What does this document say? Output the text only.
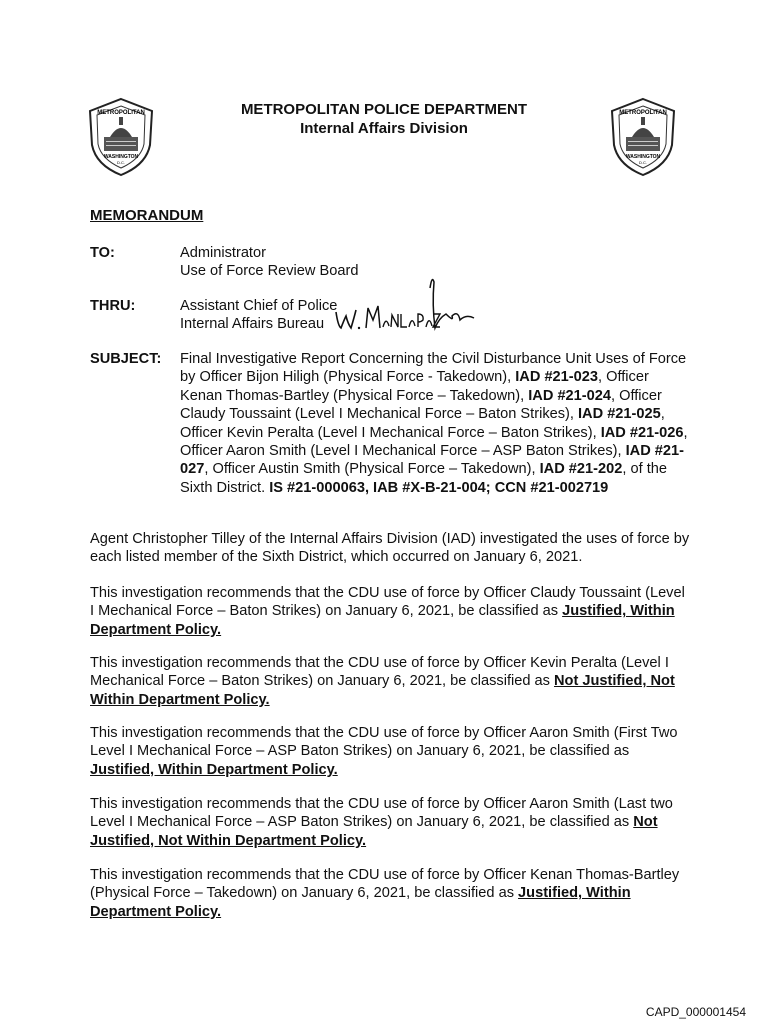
METROPOLITAN
WASHINGTON
D.C.
METROPOLITAN
WASHINGTON
D.C.
METROPOLITAN POLICE DEPARTMENT
Internal Affairs Division
MEMORANDUM
TO:	Administrator
Use of Force Review Board
THRU:	Assistant Chief of Police
Internal Affairs Bureau
SUBJECT: Final Investigative Report Concerning the Civil Disturbance Unit Uses of Force by Officer Bijon Hiligh (Physical Force - Takedown), IAD #21-023, Officer Kenan Thomas-Bartley (Physical Force – Takedown), IAD #21-024, Officer Claudy Toussaint (Level I Mechanical Force – Baton Strikes), IAD #21-025, Officer Kevin Peralta (Level I Mechanical Force – Baton Strikes), IAD #21-026, Officer Aaron Smith (Level I Mechanical Force – ASP Baton Strikes), IAD #21-027, Officer Austin Smith (Physical Force – Takedown), IAD #21-202, of the Sixth District. IS #21-000063, IAB #X-B-21-004; CCN #21-002719
Agent Christopher Tilley of the Internal Affairs Division (IAD) investigated the uses of force by each listed member of the Sixth District, which occurred on January 6, 2021.
This investigation recommends that the CDU use of force by Officer Claudy Toussaint (Level I Mechanical Force – Baton Strikes) on January 6, 2021, be classified as Justified, Within Department Policy.
This investigation recommends that the CDU use of force by Officer Kevin Peralta (Level I Mechanical Force – Baton Strikes) on January 6, 2021, be classified as Not Justified, Not Within Department Policy.
This investigation recommends that the CDU use of force by Officer Aaron Smith (First Two Level I Mechanical Force – ASP Baton Strikes) on January 6, 2021, be classified as Justified, Within Department Policy.
This investigation recommends that the CDU use of force by Officer Aaron Smith (Last two Level I Mechanical Force – ASP Baton Strikes) on January 6, 2021, be classified as Not Justified, Not Within Department Policy.
This investigation recommends that the CDU use of force by Officer Kenan Thomas-Bartley (Physical Force – Takedown) on January 6, 2021, be classified as Justified, Within Department Policy.
CAPD_000001454
